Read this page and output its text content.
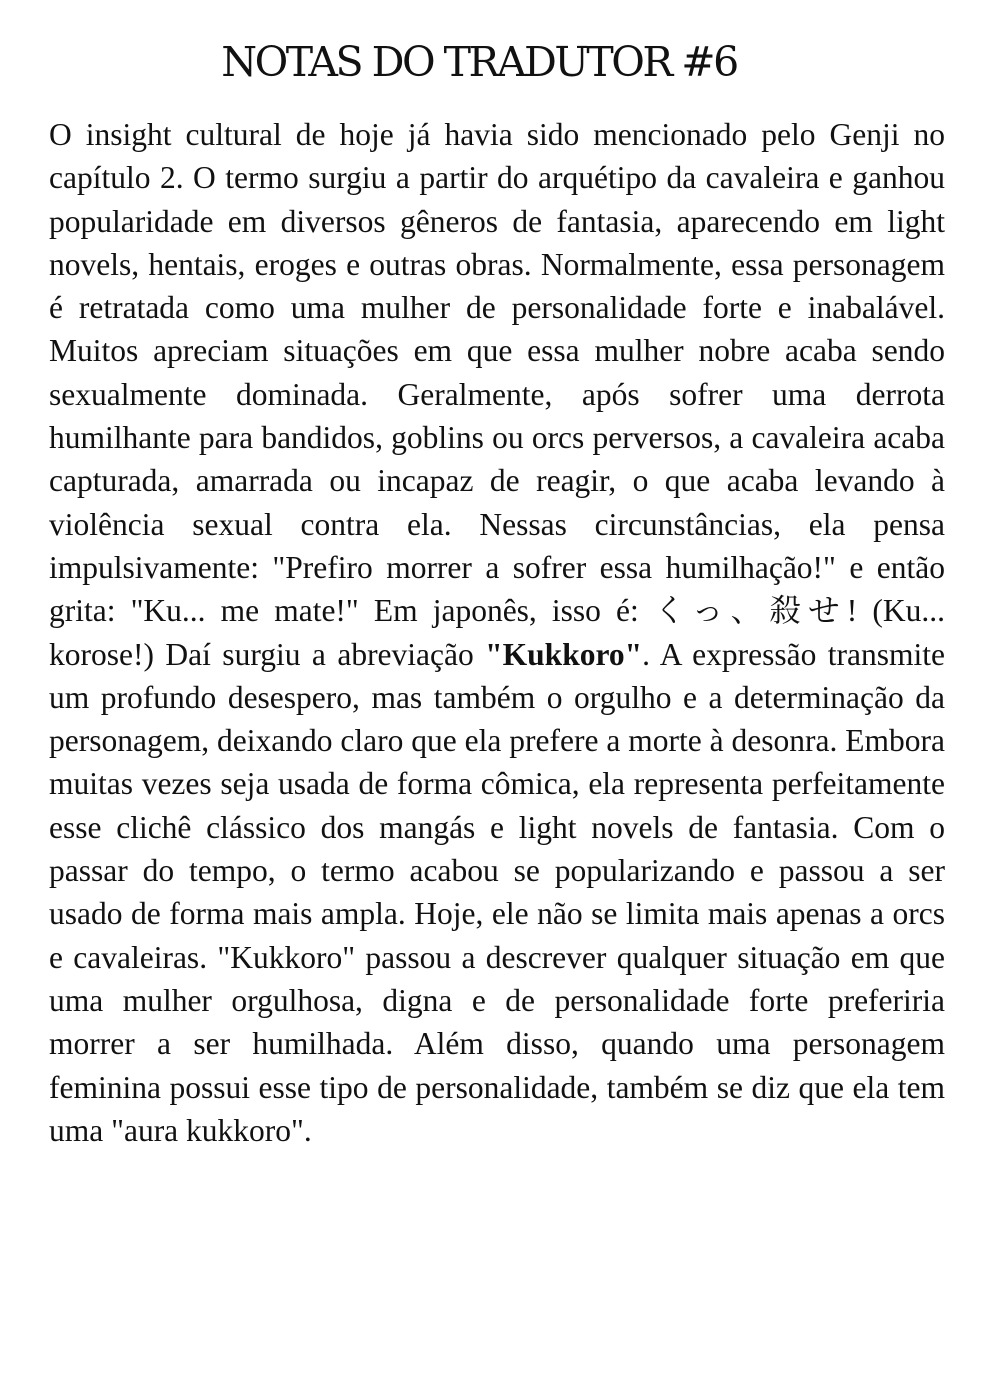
NOTAS DO TRADUTOR #6

O insight cultural de hoje já havia sido mencionado pelo Genji no capítulo 2. O termo surgiu a partir do arquétipo da cavaleira e ganhou popularidade em diversos gêneros de fantasia, aparecendo em light novels, hentais, eroges e outras obras. Normalmente, essa personagem é retratada como uma mulher de personalidade forte e inabalável. Muitos apreciam situações em que essa mulher nobre acaba sendo sexualmente dominada. Geralmente, após sofrer uma derrota humilhante para bandidos, goblins ou orcs perversos, a cavaleira acaba capturada, amarrada ou incapaz de reagir, o que acaba levando à violência sexual contra ela. Nessas circunstâncias, ela pensa impulsivamente: "Prefiro morrer a sofrer essa humilhação!" e então grita: "Ku... me mate!" Em japonês, isso é: くっ、殺せ! (Ku... korose!) Daí surgiu a abreviação "Kukkoro". A expressão transmite um profundo desespero, mas também o orgulho e a determinação da personagem, deixando claro que ela prefere a morte à desonra. Embora muitas vezes seja usada de forma cômica, ela representa perfeitamente esse clichê clássico dos mangás e light novels de fantasia. Com o passar do tempo, o termo acabou se popularizando e passou a ser usado de forma mais ampla. Hoje, ele não se limita mais apenas a orcs e cavaleiras. "Kukkoro" passou a descrever qualquer situação em que uma mulher orgulhosa, digna e de personalidade forte preferiria morrer a ser humilhada. Além disso, quando uma personagem feminina possui esse tipo de personalidade, também se diz que ela tem uma "aura kukkoro".
